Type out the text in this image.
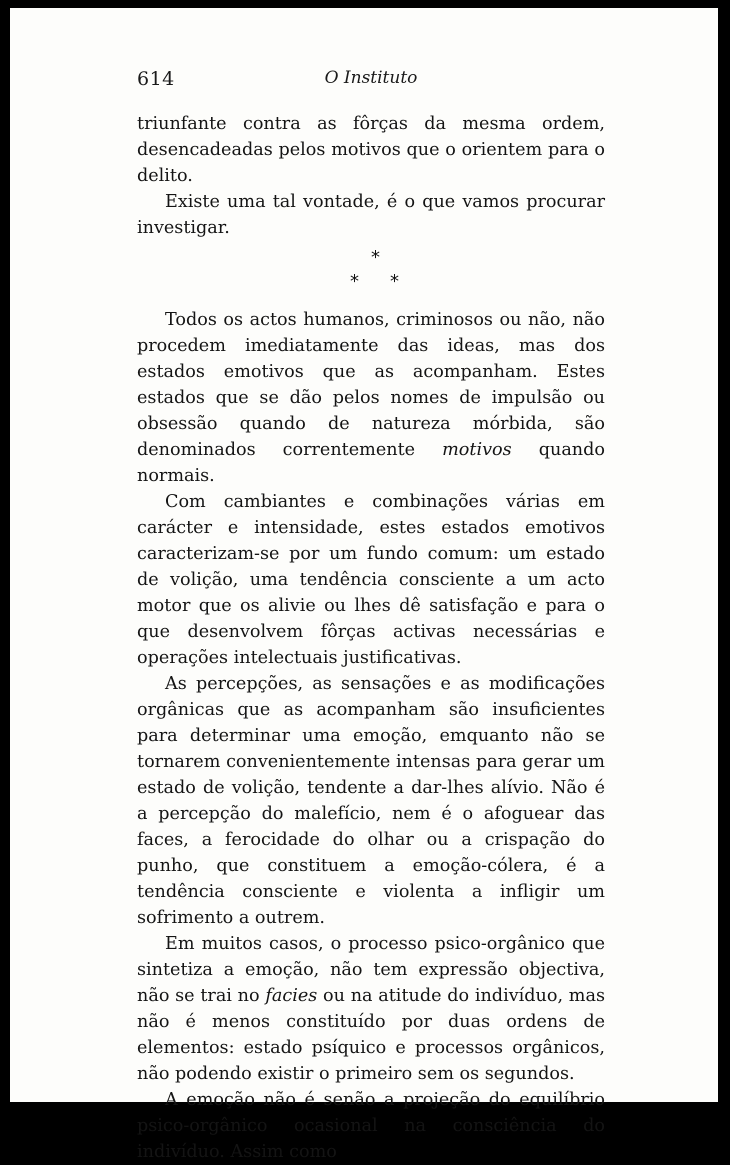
614	O Instituto

triunfante contra as fôrças da mesma ordem, desencadeadas pelos motivos que o orientem para o delito.

Existe uma tal vontade, é o que vamos procurar investigar.

*
* *

Todos os actos humanos, criminosos ou não, não procedem imediatamente das ideas, mas dos estados emotivos que as acompanham. Estes estados que se dão pelos nomes de impulsão ou obsessão quando de natureza mórbida, são denominados correntemente motivos quando normais.

Com cambiantes e combinações várias em carácter e intensidade, estes estados emotivos caracterizam-se por um fundo comum: um estado de volição, uma tendência consciente a um acto motor que os alivie ou lhes dê satisfação e para o que desenvolvem fôrças activas necessárias e operações intelectuais justificativas.

As percepções, as sensações e as modificações orgânicas que as acompanham são insuficientes para determinar uma emoção, emquanto não se tornarem convenientemente intensas para gerar um estado de volição, tendente a dar-lhes alívio. Não é a percepção do malefício, nem é o afoguear das faces, a ferocidade do olhar ou a crispação do punho, que constituem a emoção-cólera, é a tendência consciente e violenta a infligir um sofrimento a outrem.

Em muitos casos, o processo psico-orgânico que sintetiza a emoção, não tem expressão objectiva, não se trai no facies ou na atitude do indivíduo, mas não é menos constituído por duas ordens de elementos: estado psíquico e processos orgânicos, não podendo existir o primeiro sem os segundos.

A emoção não é senão a projeção do equilíbrio psico-orgânico ocasional na consciência do indivíduo. Assim como
